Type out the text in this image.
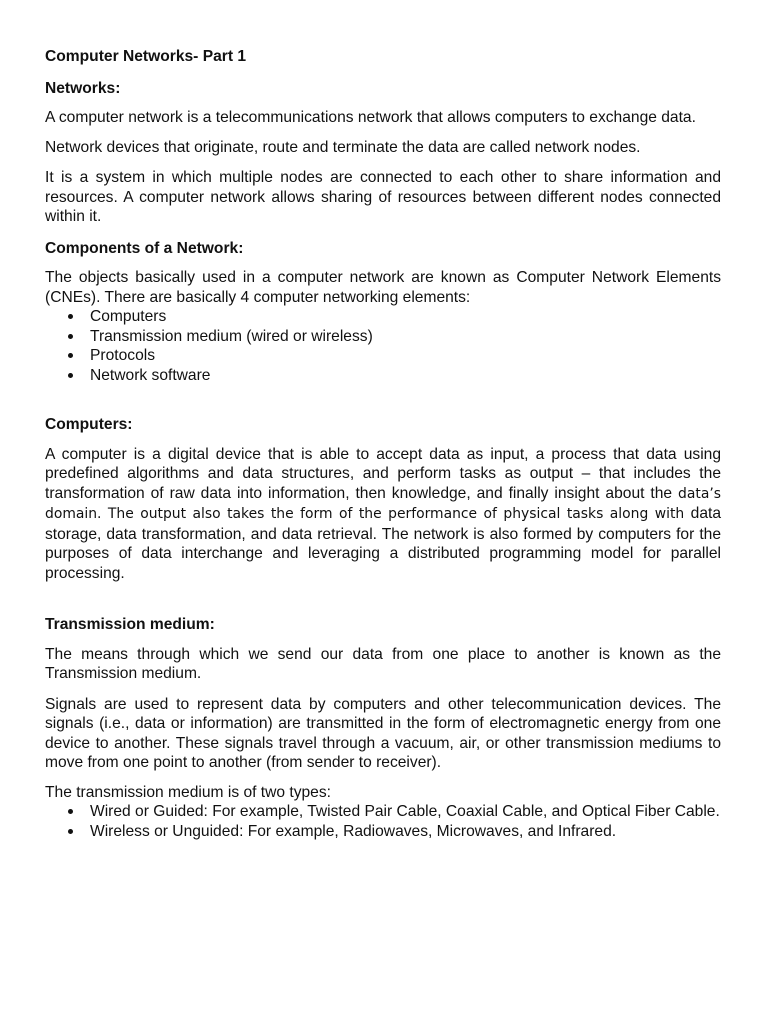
Computer Networks- Part 1

Networks:

A computer network is a telecommunications network that allows computers to exchange data.

Network devices that originate, route and terminate the data are called network nodes.

It is a system in which multiple nodes are connected to each other to share information and resources. A computer network allows sharing of resources between different nodes connected within it.

Components of a Network:

The objects basically used in a computer network are known as Computer Network Elements (CNEs). There are basically 4 computer networking elements:

Computers
Transmission medium (wired or wireless)
Protocols
Network software

Computers:

A computer is a digital device that is able to accept data as input, a process that data using predefined algorithms and data structures, and perform tasks as output – that includes the transformation of raw data into information, then knowledge, and finally insight about the data’s domain. The output also takes the form of the performance of physical tasks along with data storage, data transformation, and data retrieval. The network is also formed by computers for the purposes of data interchange and leveraging a distributed programming model for parallel processing.

Transmission medium:

The means through which we send our data from one place to another is known as the Transmission medium.

Signals are used to represent data by computers and other telecommunication devices. The signals (i.e., data or information) are transmitted in the form of electromagnetic energy from one device to another. These signals travel through a vacuum, air, or other transmission mediums to move from one point to another (from sender to receiver).

The transmission medium is of two types:

Wired or Guided: For example, Twisted Pair Cable, Coaxial Cable, and Optical Fiber Cable.
Wireless or Unguided: For example, Radiowaves, Microwaves, and Infrared.
